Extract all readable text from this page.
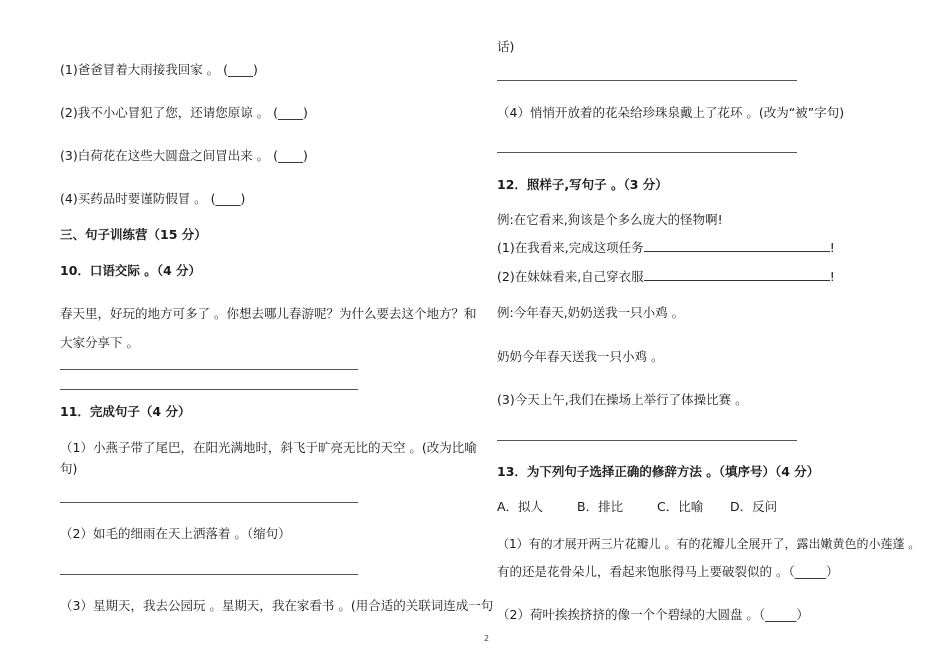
(1)爸爸冒着大雨接我回家 。 (____)
(2)我不小心冒犯了您，还请您原谅 。 (____)
(3)白荷花在这些大圆盘之间冒出来 。 (____)
(4)买药品时要谨防假冒 。 (____)
三、句子训练营（15 分）
10．口语交际 。（4 分）
春天里，好玩的地方可多了 。你想去哪儿春游呢？为什么要去这个地方？和
大家分享下 。
11．完成句子（4 分）
（1）小燕子带了尾巴，在阳光满地时，斜飞于旷亮无比的天空 。(改为比喻
句)
（2）如毛的细雨在天上洒落着 。（缩句）
（3）星期天，我去公园玩 。星期天，我在家看书 。(用合适的关联词连成一句
话)
（4）悄悄开放着的花朵给珍珠泉戴上了花环 。(改为“被”字句)
12．照样子,写句子 。（3 分）
例:在它看来,狗该是个多么庞大的怪物啊!
(1)在我看来,完成这项任务	!
(2)在妹妹看来,自己穿衣服	!
例:今年春天,奶奶送我一只小鸡 。
奶奶今年春天送我一只小鸡 。
(3)今天上午,我们在操场上举行了体操比赛 。
13．为下列句子选择正确的修辞方法 。（填序号）（4 分）
A．拟人	B．排比	C．比喻 D．反问
（1）有的才展开两三片花瓣儿 。有的花瓣儿全展开了，露出嫩黄色的小莲蓬 。
有的还是花骨朵儿，看起来饱胀得马上要破裂似的 。（_____）
（2）荷叶挨挨挤挤的像一个个碧绿的大圆盘 。（_____）
2
